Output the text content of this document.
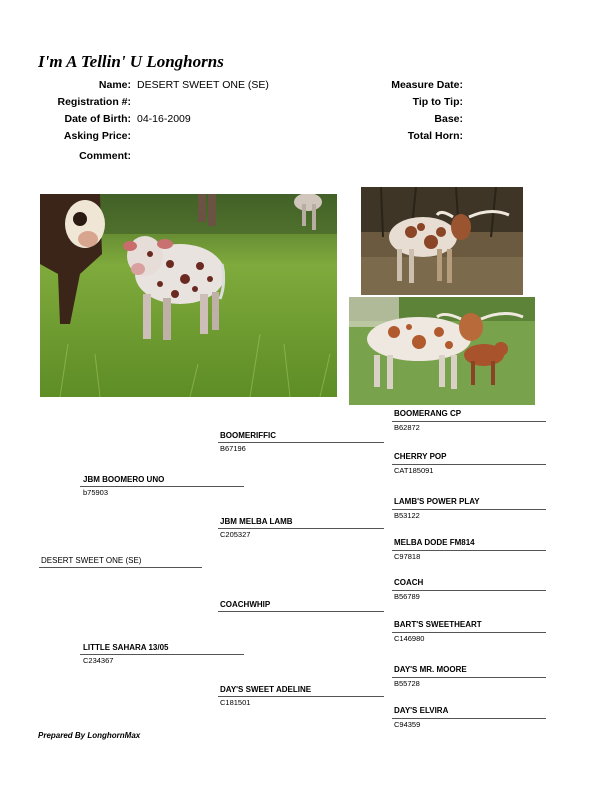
I'm A Tellin' U Longhorns
Name: DESERT SWEET ONE (SE)
Registration #:
Date of Birth: 04-16-2009
Asking Price:
Comment:
Measure Date:
Tip to Tip:
Base:
Total Horn:
BOOMERANG CP
B62872
CHERRY POP
CAT185091
LAMB'S POWER PLAY
B53122
MELBA DODE FM814
C97818
COACH
B56789
BART'S SWEETHEART
C146980
DAY'S MR. MOORE
B55728
DAY'S ELVIRA
C94359
BOOMERIFFIC
B67196
JBM MELBA LAMB
C205327
COACHWHIP
DAY'S SWEET ADELINE
C181501
JBM BOOMERO UNO
b75903
LITTLE SAHARA 13/05
C234367
DESERT SWEET ONE (SE)
Prepared By LonghornMax
